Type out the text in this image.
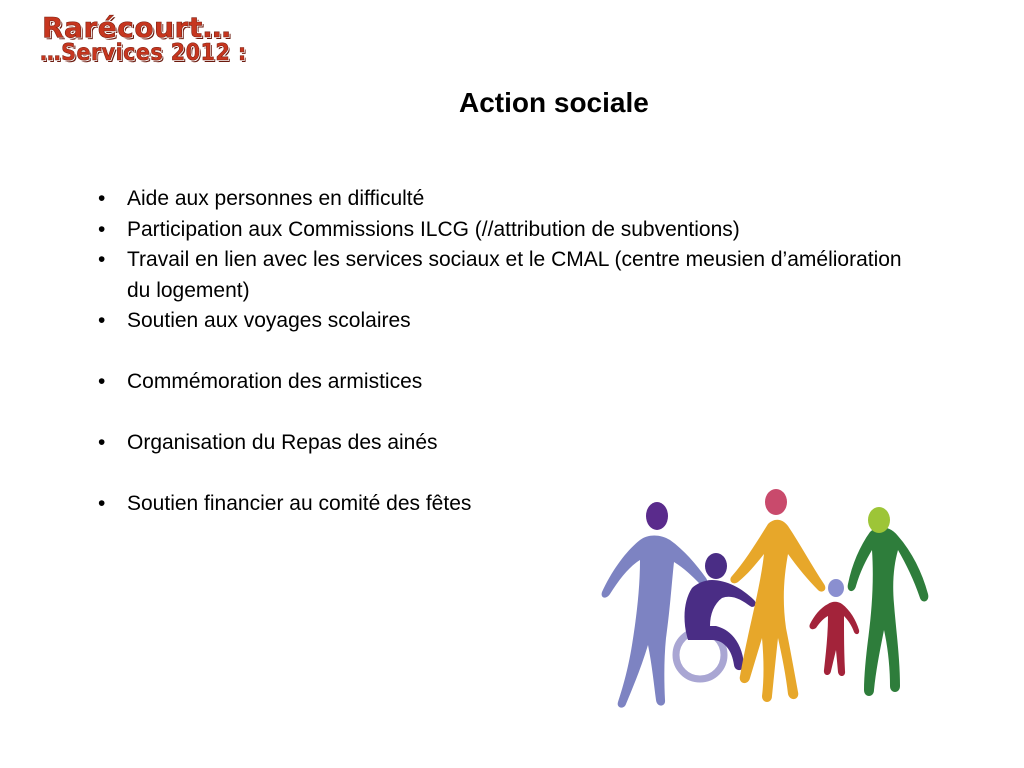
Rarécourt…
…Services 2012 :
Action sociale
• Aide aux personnes en difficulté
• Participation aux Commissions ILCG (//attribution de subventions)
• Travail en lien avec les services sociaux et le CMAL (centre meusien d’amélioration du logement)
• Soutien aux voyages scolaires
• Commémoration des armistices
• Organisation du Repas des ainés
• Soutien financier au comité des fêtes
